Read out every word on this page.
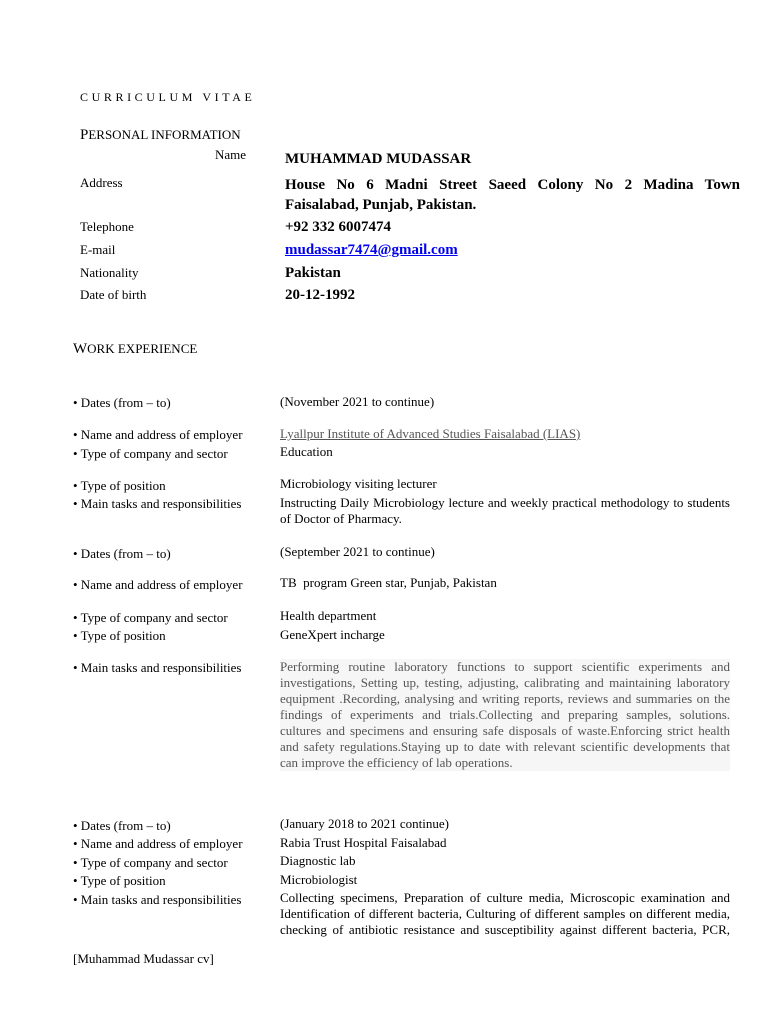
CURRICULUM VITAE
PERSONAL INFORMATION
Name	MUHAMMAD MUDASSAR
Address	House No 6 Madni Street Saeed Colony No 2 Madina Town Faisalabad, Punjab, Pakistan.
Telephone	+92 332 6007474
E-mail	mudassar7474@gmail.com
Nationality	Pakistan
Date of birth	20-12-1992
WORK EXPERIENCE
• Dates (from – to)	(November 2021 to continue)
• Name and address of employer	Lyallpur Institute of Advanced Studies Faisalabad (LIAS)
• Type of company and sector	Education
• Type of position	Microbiology visiting lecturer
• Main tasks and responsibilities	Instructing Daily Microbiology lecture and weekly practical methodology to students of Doctor of Pharmacy.
• Dates (from – to)	(September 2021 to continue)
• Name and address of employer	TB  program Green star, Punjab, Pakistan
• Type of company and sector	Health department
• Type of position	GeneXpert incharge
• Main tasks and responsibilities	Performing routine laboratory functions to support scientific experiments and investigations, Setting up, testing, adjusting, calibrating and maintaining laboratory equipment .Recording, analysing and writing reports, reviews and summaries on the findings of experiments and trials.Collecting and preparing samples, solutions. cultures and specimens and ensuring safe disposals of waste.Enforcing strict health and safety regulations.Staying up to date with relevant scientific developments that can improve the efficiency of lab operations.
• Dates (from – to)	(January 2018 to 2021 continue)
• Name and address of employer	Rabia Trust Hospital Faisalabad
• Type of company and sector	Diagnostic lab
• Type of position	Microbiologist
• Main tasks and responsibilities	Collecting specimens, Preparation of culture media, Microscopic examination and Identification of different bacteria, Culturing of different samples on different media, checking of antibiotic resistance and susceptibility against different bacteria, PCR,
[Muhammad Mudassar cv]
